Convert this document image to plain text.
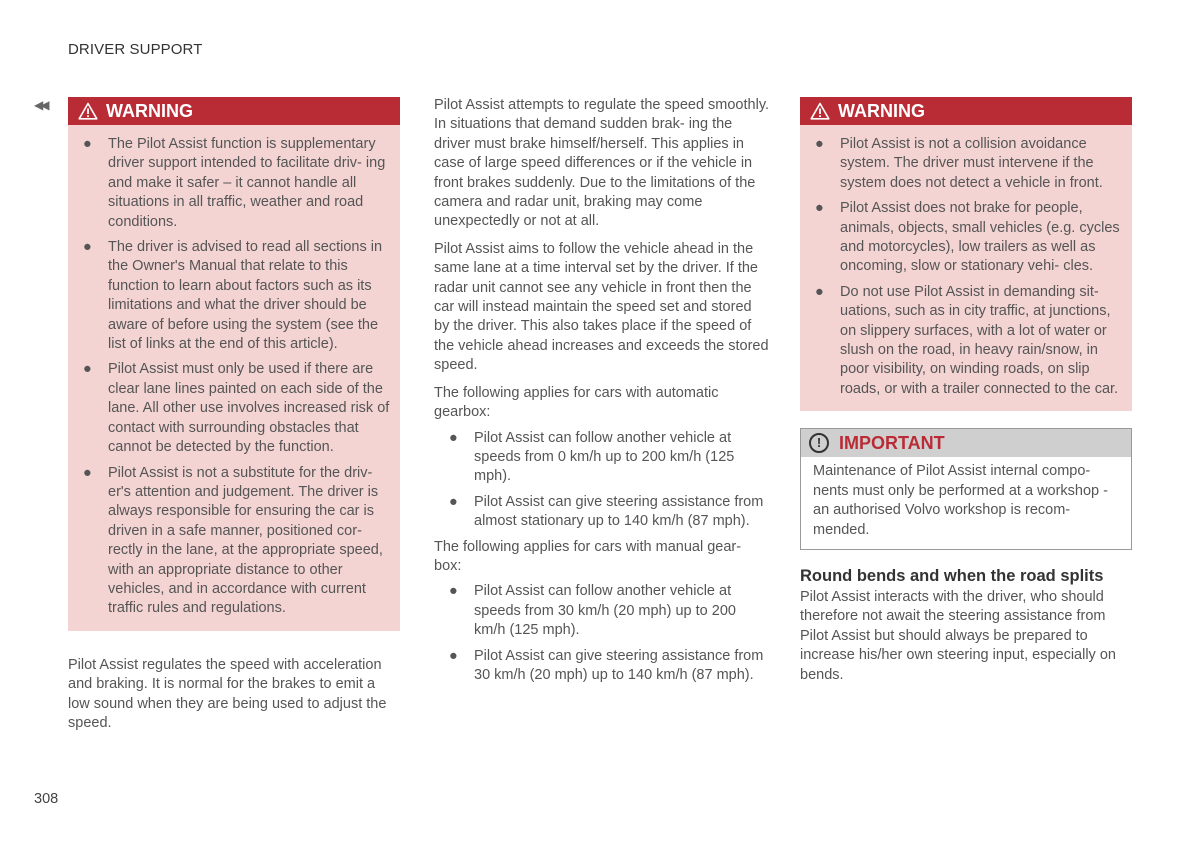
DRIVER SUPPORT
◀◀	WARNING
● The Pilot Assist function is supplementary driver support intended to facilitate driv- ing and make it safer – it cannot handle all situations in all traffic, weather and road conditions.
● The driver is advised to read all sections in the Owner's Manual that relate to this function to learn about factors such as its limitations and what the driver should be aware of before using the system (see the list of links at the end of this article).
● Pilot Assist must only be used if there are clear lane lines painted on each side of the lane. All other use involves increased risk of contact with surrounding obstacles that cannot be detected by the function.
● Pilot Assist is not a substitute for the driv- er's attention and judgement. The driver is always responsible for ensuring the car is driven in a safe manner, positioned cor- rectly in the lane, at the appropriate speed, with an appropriate distance to other vehicles, and in accordance with current traffic rules and regulations.

Pilot Assist regulates the speed with acceleration and braking. It is normal for the brakes to emit a low sound when they are being used to adjust the speed.

Pilot Assist attempts to regulate the speed smoothly. In situations that demand sudden brak- ing the driver must brake himself/herself. This applies in case of large speed differences or if the vehicle in front brakes suddenly. Due to the limitations of the camera and radar unit, braking may come unexpectedly or not at all.

Pilot Assist aims to follow the vehicle ahead in the same lane at a time interval set by the driver. If the radar unit cannot see any vehicle in front then the car will instead maintain the speed set and stored by the driver. This also takes place if the speed of the vehicle ahead increases and exceeds the stored speed.

The following applies for cars with automatic gearbox:

● Pilot Assist can follow another vehicle at speeds from 0 km/h up to 200 km/h (125 mph).
● Pilot Assist can give steering assistance from almost stationary up to 140 km/h (87 mph).

The following applies for cars with manual gear- box:

● Pilot Assist can follow another vehicle at speeds from 30 km/h (20 mph) up to 200 km/h (125 mph).
● Pilot Assist can give steering assistance from 30 km/h (20 mph) up to 140 km/h (87 mph).
WARNING
● Pilot Assist is not a collision avoidance system. The driver must intervene if the system does not detect a vehicle in front.
● Pilot Assist does not brake for people, animals, objects, small vehicles (e.g. cycles and motorcycles), low trailers as well as oncoming, slow or stationary vehi- cles.
● Do not use Pilot Assist in demanding sit- uations, such as in city traffic, at junctions, on slippery surfaces, with a lot of water or slush on the road, in heavy rain/snow, in poor visibility, on winding roads, on slip roads, or with a trailer connected to the car.
! IMPORTANT
Maintenance of Pilot Assist internal compo- nents must only be performed at a workshop - an authorised Volvo workshop is recom- mended.
Round bends and when the road splits

Pilot Assist interacts with the driver, who should therefore not await the steering assistance from Pilot Assist but should always be prepared to increase his/her own steering input, especially on bends.

308
